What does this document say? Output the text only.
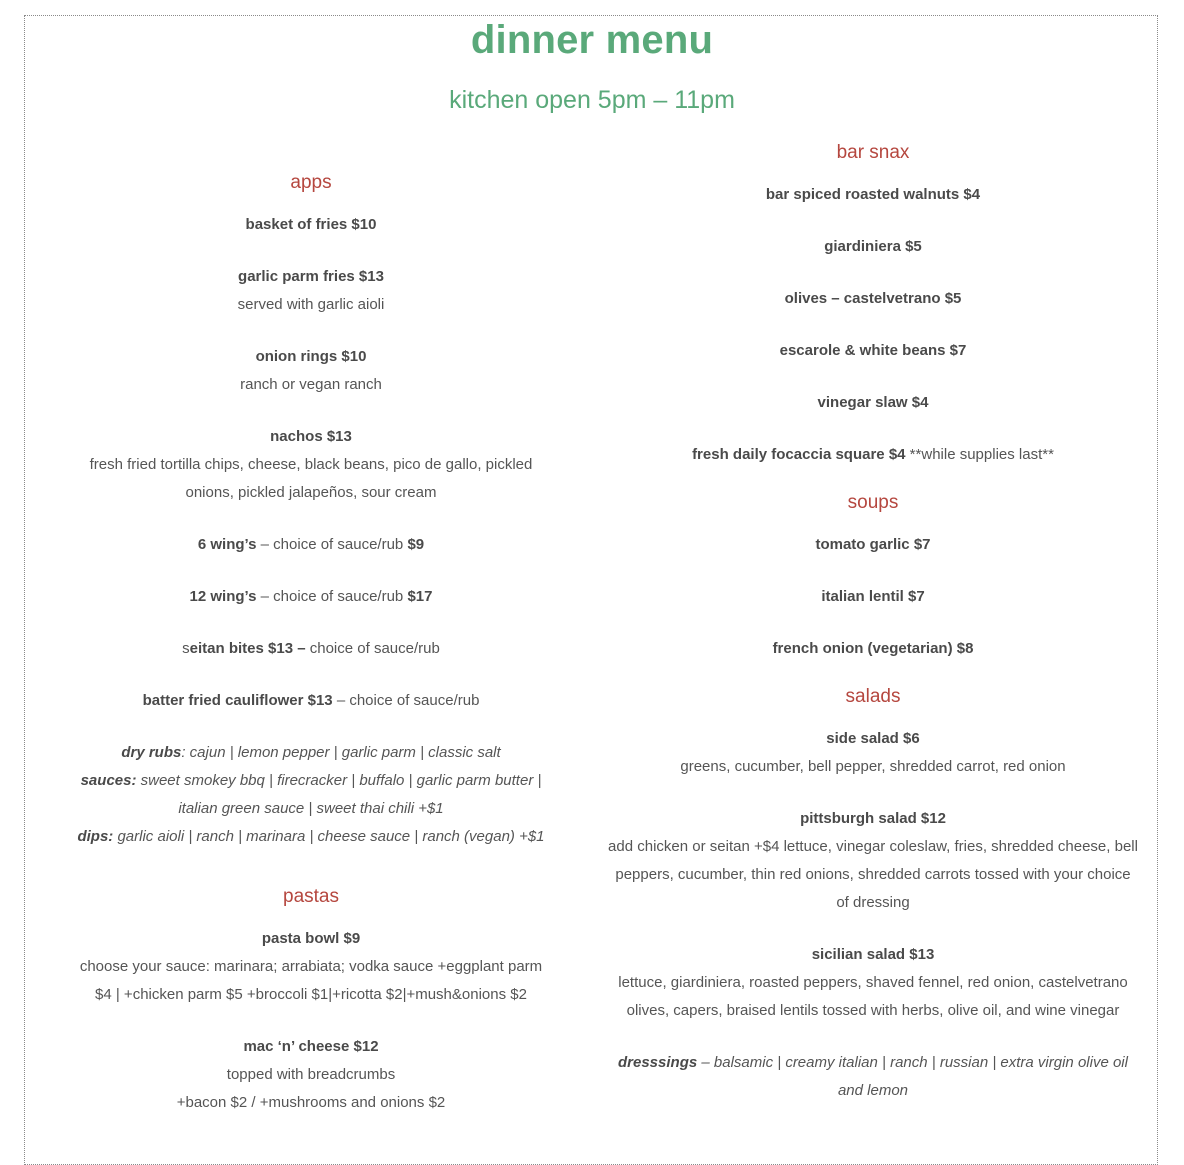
dinner menu
kitchen open 5pm – 11pm
apps

basket of fries $10

garlic parm fries $13

served with garlic aioli

onion rings $10

ranch or vegan ranch

nachos $13

fresh fried tortilla chips, cheese, black beans, pico de gallo, pickled onions, pickled jalapeños, sour cream

6 wing’s – choice of sauce/rub $9

12 wing’s – choice of sauce/rub $17

seitan bites $13 – choice of sauce/rub

batter fried cauliflower $13 – choice of sauce/rub

dry rubs: cajun | lemon pepper | garlic parm | classic salt

sauces: sweet smokey bbq | firecracker | buffalo | garlic parm butter | italian green sauce | sweet thai chili +$1

dips: garlic aioli | ranch | marinara | cheese sauce | ranch (vegan) +$1

pastas

pasta bowl $9

choose your sauce: marinara; arrabiata; vodka sauce +eggplant parm $4 | +chicken parm $5 +broccoli $1|+ricotta $2|+mush&onions $2

mac ‘n’ cheese $12

topped with breadcrumbs

+bacon $2 / +mushrooms and onions $2

bar snax

bar spiced roasted walnuts $4

giardiniera $5

olives – castelvetrano $5

escarole & white beans $7

vinegar slaw $4

fresh daily focaccia square $4 **while supplies last**

soups

tomato garlic $7

italian lentil $7

french onion (vegetarian) $8

salads

side salad $6

greens, cucumber, bell pepper, shredded carrot, red onion

pittsburgh salad $12

add chicken or seitan +$4 lettuce, vinegar coleslaw, fries, shredded cheese, bell peppers, cucumber, thin red onions, shredded carrots tossed with your choice of dressing

sicilian salad $13

lettuce, giardiniera, roasted peppers, shaved fennel, red onion, castelvetrano olives, capers, braised lentils tossed with herbs, olive oil, and wine vinegar

dresssings – balsamic | creamy italian | ranch | russian | extra virgin olive oil and lemon
